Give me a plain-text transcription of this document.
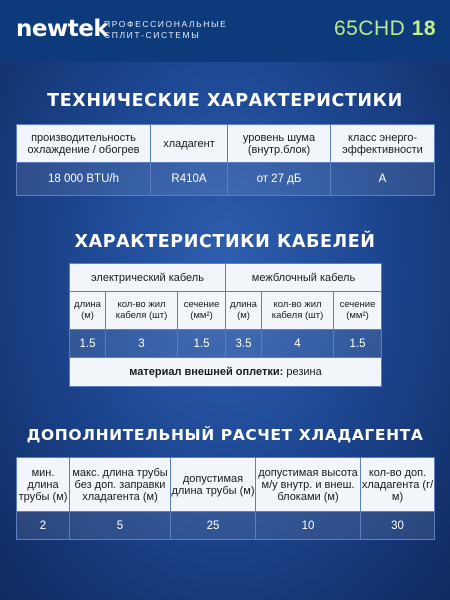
newtek
ПРОФЕССИОНАЛЬНЫЕ
СПЛИТ-СИСТЕМЫ	65CHD 18
ТЕХНИЧЕСКИЕ ХАРАКТЕРИСТИКИ
производительность охлаждение / обогрев	хладагент	уровень шума (внутр.блок)	класс энерго-эффективности
18 000 BTU/h	R410A	от 27 дБ	A
ХАРАКТЕРИСТИКИ КАБЕЛЕЙ
электрический кабель			межблочный кабель		
длина (м)	кол-во жил кабеля (шт)	сечение (мм²)	длина (м)	кол-во жил кабеля (шт)	сечение (мм²)
1.5	3	1.5	3.5	4	1.5
материал внешней оплетки: резина					
ДОПОЛНИТЕЛЬНЫЙ РАСЧЕТ ХЛАДАГЕНТА
мин. длина трубы (м)	макс. длина трубы без доп. заправки хладагента (м)	допустимая длина трубы (м)	допустимая высота м/у внутр. и внеш. блоками (м)	кол-во доп. хладагента (г/м)
2	5	25	10	30
